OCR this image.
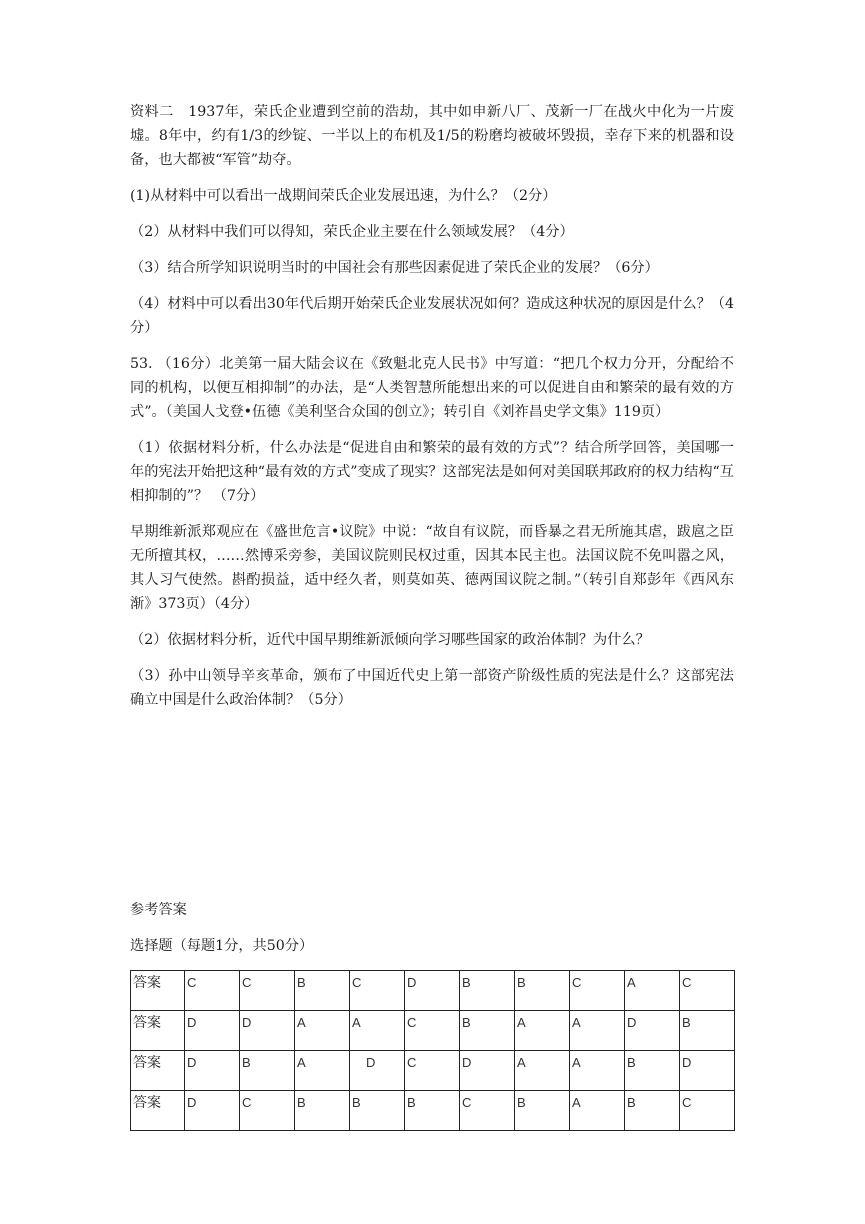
资料二　1937年，荣氏企业遭到空前的浩劫，其中如申新八厂、茂新一厂在战火中化为一片废墟。8年中，约有1/3的纱锭、一半以上的布机及1/5的粉磨均被破坏毁损，幸存下来的机器和设备，也大都被“军管”劫夺。

(1)从材料中可以看出一战期间荣氏企业发展迅速，为什么？（2分）

（2）从材料中我们可以得知，荣氏企业主要在什么领域发展？（4分）

（3）结合所学知识说明当时的中国社会有那些因素促进了荣氏企业的发展？（6分）

（4）材料中可以看出30年代后期开始荣氏企业发展状况如何？造成这种状况的原因是什么？（4分）

53. （16分）北美第一届大陆会议在《致魁北克人民书》中写道：“把几个权力分开，分配给不同的机构，以便互相抑制”的办法，是“人类智慧所能想出来的可以促进自由和繁荣的最有效的方式”。（美国人戈登•伍德《美利坚合众国的创立》；转引自《刘祚昌史学文集》119页）

（1）依据材料分析，什么办法是“促进自由和繁荣的最有效的方式”？结合所学回答，美国哪一年的宪法开始把这种“最有效的方式”变成了现实？这部宪法是如何对美国联邦政府的权力结构“互相抑制的”？ （7分）

早期维新派郑观应在《盛世危言•议院》中说：“故自有议院，而昏暴之君无所施其虐，跋扈之臣无所擅其权，……然博采旁参，美国议院则民权过重，因其本民主也。法国议院不免叫嚣之风，其人习气使然。斟酌损益，适中经久者，则莫如英、德两国议院之制。”（转引自郑彭年《西风东渐》373页）（4分）

（2）依据材料分析，近代中国早期维新派倾向学习哪些国家的政治体制？为什么？

（3）孙中山领导辛亥革命，颁布了中国近代史上第一部资产阶级性质的宪法是什么？这部宪法确立中国是什么政治体制？（5分）

参考答案

选择题（每题1分，共50分）

答案	C	C	B	C	D	B	B	C	A	C
答案	D	D	A	A	C	B	A	A	D	B
答案	D	B	A	D	C	D	A	A	B	D
答案	D	C	B	B	B	C	B	A	B	C
